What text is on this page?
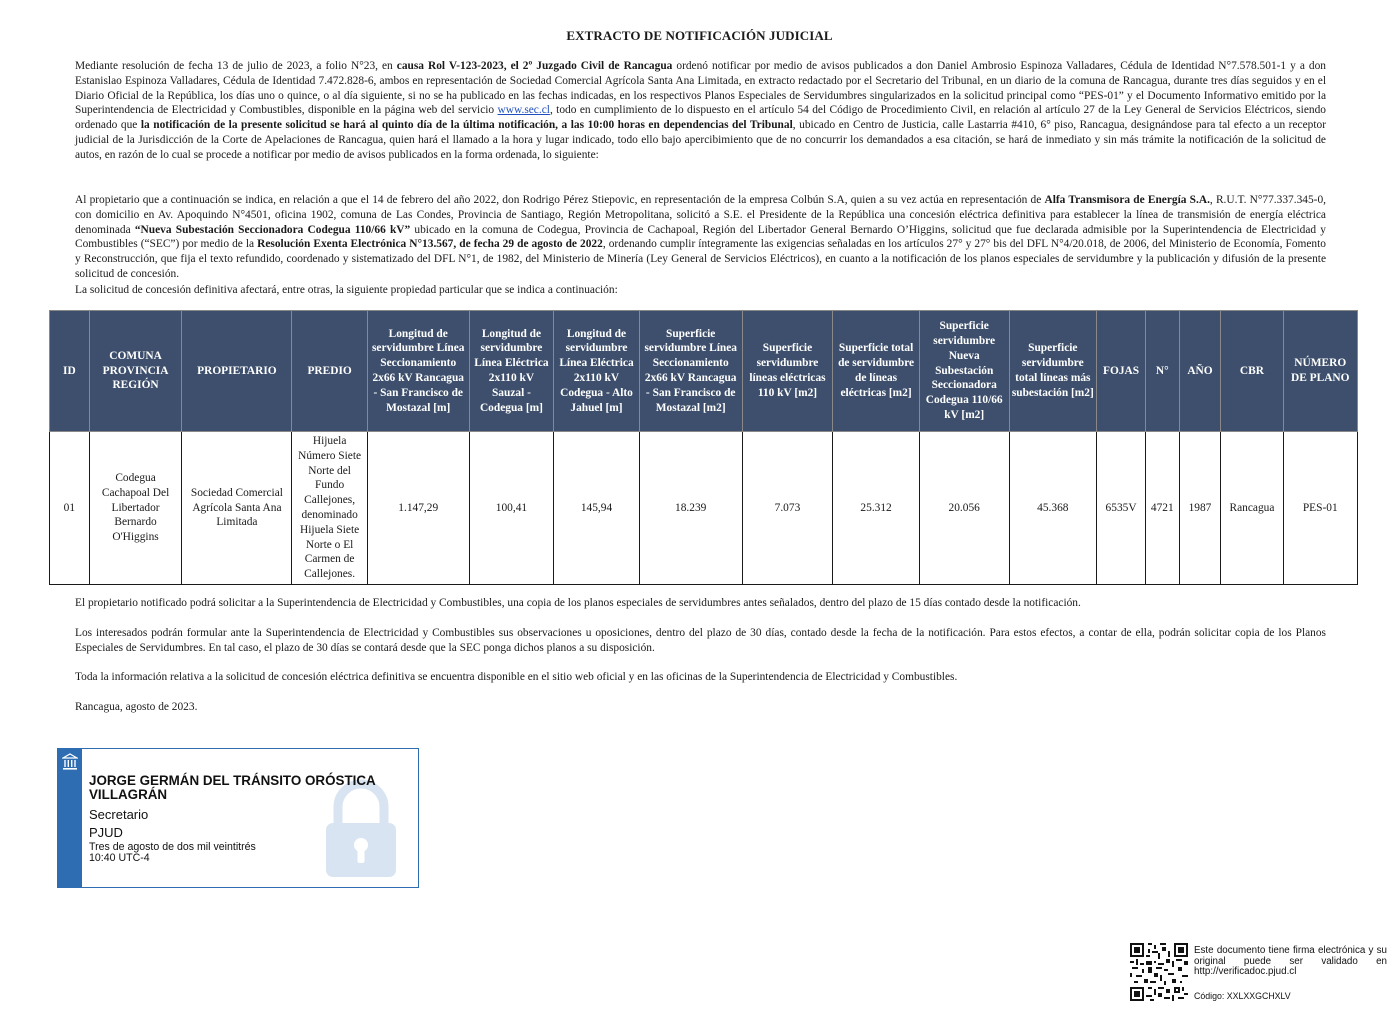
EXTRACTO DE NOTIFICACIÓN JUDICIAL
Mediante resolución de fecha 13 de julio de 2023, a folio N°23, en causa Rol V-123-2023, el 2º Juzgado Civil de Rancagua ordenó notificar por medio de avisos publicados a don Daniel Ambrosio Espinoza Valladares, Cédula de Identidad N°7.578.501-1 y a don Estanislao Espinoza Valladares, Cédula de Identidad 7.472.828-6, ambos en representación de Sociedad Comercial Agrícola Santa Ana Limitada, en extracto redactado por el Secretario del Tribunal, en un diario de la comuna de Rancagua, durante tres días seguidos y en el Diario Oficial de la República, los días uno o quince, o al día siguiente, si no se ha publicado en las fechas indicadas, en los respectivos Planos Especiales de Servidumbres singularizados en la solicitud principal como “PES-01” y el Documento Informativo emitido por la Superintendencia de Electricidad y Combustibles, disponible en la página web del servicio www.sec.cl, todo en cumplimiento de lo dispuesto en el artículo 54 del Código de Procedimiento Civil, en relación al artículo 27 de la Ley General de Servicios Eléctricos, siendo ordenado que la notificación de la presente solicitud se hará al quinto día de la última notificación, a las 10:00 horas en dependencias del Tribunal, ubicado en Centro de Justicia, calle Lastarria #410, 6° piso, Rancagua, designándose para tal efecto a un receptor judicial de la Jurisdicción de la Corte de Apelaciones de Rancagua, quien hará el llamado a la hora y lugar indicado, todo ello bajo apercibimiento que de no concurrir los demandados a esa citación, se hará de inmediato y sin más trámite la notificación de la solicitud de autos, en razón de lo cual se procede a notificar por medio de avisos publicados en la forma ordenada, lo siguiente:
Al propietario que a continuación se indica, en relación a que el 14 de febrero del año 2022, don Rodrigo Pérez Stiepovic, en representación de la empresa Colbún S.A, quien a su vez actúa en representación de Alfa Transmisora de Energía S.A., R.U.T. N°77.337.345-0, con domicilio en Av. Apoquindo N°4501, oficina 1902, comuna de Las Condes, Provincia de Santiago, Región Metropolitana, solicitó a S.E. el Presidente de la República una concesión eléctrica definitiva para establecer la línea de transmisión de energía eléctrica denominada “Nueva Subestación Seccionadora Codegua 110/66 kV” ubicado en la comuna de Codegua, Provincia de Cachapoal, Región del Libertador General Bernardo O’Higgins, solicitud que fue declarada admisible por la Superintendencia de Electricidad y Combustibles (“SEC”) por medio de la Resolución Exenta Electrónica N°13.567, de fecha 29 de agosto de 2022, ordenando cumplir íntegramente las exigencias señaladas en los artículos 27° y 27° bis del DFL N°4/20.018, de 2006, del Ministerio de Economía, Fomento y Reconstrucción, que fija el texto refundido, coordenado y sistematizado del DFL N°1, de 1982, del Ministerio de Minería (Ley General de Servicios Eléctricos), en cuanto a la notificación de los planos especiales de servidumbre y la publicación y difusión de la presente solicitud de concesión.
La solicitud de concesión definitiva afectará, entre otras, la siguiente propiedad particular que se indica a continuación:
ID	COMUNA PROVINCIA REGIÓN	PROPIETARIO	PREDIO	Longitud de servidumbre Línea Seccionamiento 2x66 kV Rancagua - San Francisco de Mostazal [m]	Longitud de servidumbre Línea Eléctrica 2x110 kV Sauzal - Codegua [m]	Longitud de servidumbre Línea Eléctrica 2x110 kV Codegua - Alto Jahuel [m]	Superficie servidumbre Línea Seccionamiento 2x66 kV Rancagua - San Francisco de Mostazal [m2]	Superficie servidumbre líneas eléctricas 110 kV [m2]	Superficie total de servidumbre de líneas eléctricas [m2]	Superficie servidumbre Nueva Subestación Seccionadora Codegua 110/66 kV [m2]	Superficie servidumbre total líneas más subestación [m2]	FOJAS	N°	AÑO	CBR	NÚMERO DE PLANO
01	Codegua Cachapoal Del Libertador Bernardo O'Higgins	Sociedad Comercial Agrícola Santa Ana Limitada	Hijuela Número Siete Norte del Fundo Callejones, denominado Hijuela Siete Norte o El Carmen de Callejones.	1.147,29	100,41	145,94	18.239	7.073	25.312	20.056	45.368	6535V	4721	1987	Rancagua	PES-01
El propietario notificado podrá solicitar a la Superintendencia de Electricidad y Combustibles, una copia de los planos especiales de servidumbres antes señalados, dentro del plazo de 15 días contado desde la notificación.
Los interesados podrán formular ante la Superintendencia de Electricidad y Combustibles sus observaciones u oposiciones, dentro del plazo de 30 días, contado desde la fecha de la notificación. Para estos efectos, a contar de ella, podrán solicitar copia de los Planos Especiales de Servidumbres. En tal caso, el plazo de 30 días se contará desde que la SEC ponga dichos planos a su disposición.
Toda la información relativa a la solicitud de concesión eléctrica definitiva se encuentra disponible en el sitio web oficial y en las oficinas de la Superintendencia de Electricidad y Combustibles.
Rancagua, agosto de 2023.
JORGE GERMÁN DEL TRÁNSITO ORÓSTICA VILLAGRÁN
Secretario
PJUD
Tres de agosto de dos mil veintitrés
10:40 UTC-4
Este documento tiene firma electrónica y su original puede ser validado en http://verificadoc.pjud.cl
Código: XXLXXGCHXLV
